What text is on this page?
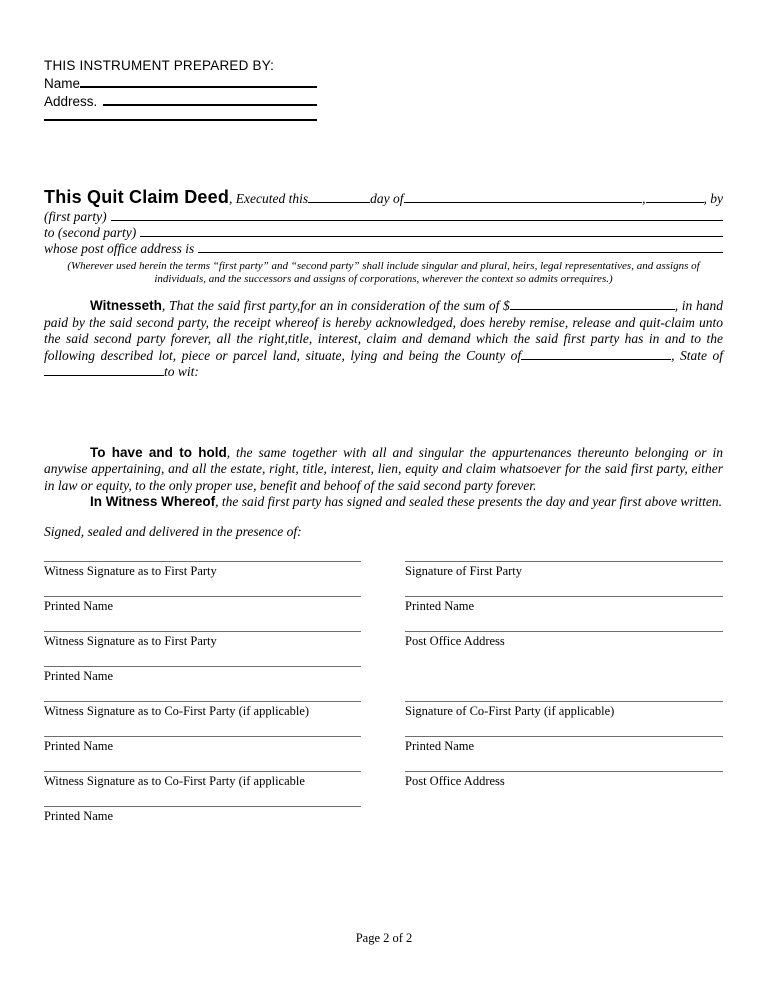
THIS INSTRUMENT PREPARED BY:
Name
Address.
This Quit Claim Deed , Executed this	day of	,	, by
(first party)
to (second party)
whose post office address is
(Wherever used herein the terms “first party” and “second party” shall include singular and plural, heirs, legal representatives, and assigns of individuals, and the successors and assigns of corporations, wherever the context so admits orrequires.)

Witnesseth, That the said first party,for an in consideration of the sum of $	, in hand paid by the said second party, the receipt whereof is hereby acknowledged, does hereby remise, release and quit-claim unto the said second party forever, all the right,title, interest, claim and demand which the said first party has in and to the following described lot, piece or parcel land, situate, lying and being the County of	, State ofto wit:

To have and to hold, the same together with all and singular the appurtenances thereunto belonging or in anywise appertaining, and all the estate, right, title, interest, lien, equity and claim whatsoever for the said first party, either in law or equity, to the only proper use, benefit and behoof of the said second party forever.

In Witness Whereof, the said first party has signed and sealed these presents the day and year first above written.

Signed, sealed and delivered in the presence of:
Witness Signature as to First Party	Signature of First Party
Printed Name	Printed Name
Witness Signature as to First Party	Post Office Address
Printed Name
Witness Signature as to Co-First Party (if applicable)	Signature of Co-First Party (if applicable)
Printed Name	Printed Name
Witness Signature as to Co-First Party (if applicable	Post Office Address
Printed Name
Page 2 of 2
